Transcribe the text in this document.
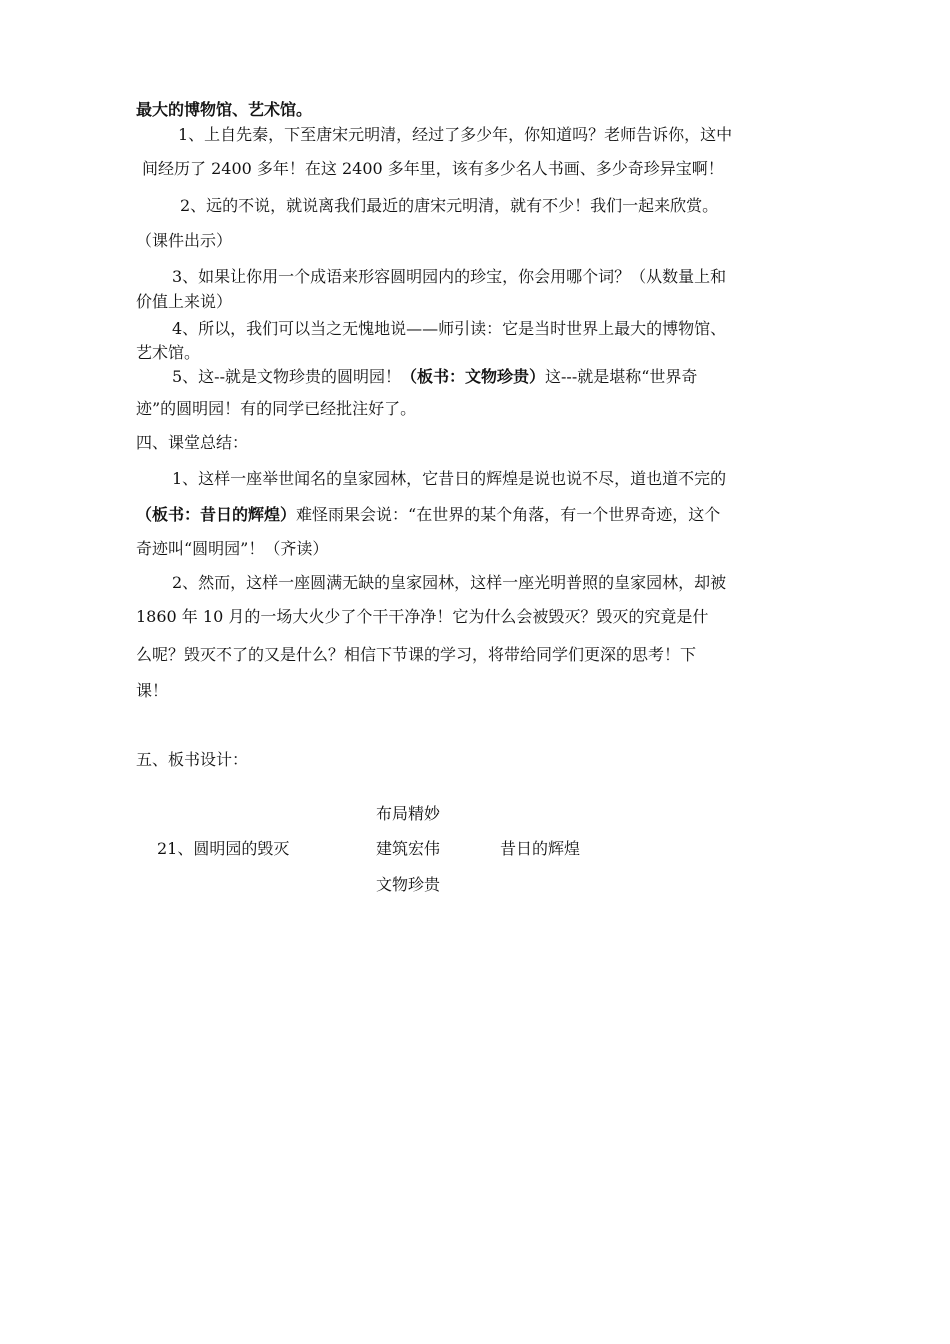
最大的博物馆、艺术馆。
1、上自先秦，下至唐宋元明清，经过了多少年，你知道吗？老师告诉你，这中
间经历了 2400 多年！在这 2400 多年里，该有多少名人书画、多少奇珍异宝啊！
2、远的不说，就说离我们最近的唐宋元明清，就有不少！我们一起来欣赏。
（课件出示）
3、如果让你用一个成语来形容圆明园内的珍宝，你会用哪个词？（从数量上和
价值上来说）
4、所以，我们可以当之无愧地说——师引读：它是当时世界上最大的博物馆、
艺术馆。
5、这--就是文物珍贵的圆明园！（板书：文物珍贵）这---就是堪称“世界奇
迹”的圆明园！有的同学已经批注好了。
四、课堂总结：
1、这样一座举世闻名的皇家园林，它昔日的辉煌是说也说不尽，道也道不完的
（板书：昔日的辉煌）难怪雨果会说：“在世界的某个角落，有一个世界奇迹，这个
奇迹叫“圆明园”！（齐读）
2、然而，这样一座圆满无缺的皇家园林，这样一座光明普照的皇家园林，却被
1860 年 10 月的一场大火少了个干干净净！它为什么会被毁灭？毁灭的究竟是什
么呢？毁灭不了的又是什么？相信下节课的学习，将带给同学们更深的思考！下
课！
五、板书设计：
布局精妙
21、圆明园的毁灭	建筑宏伟	昔日的辉煌
文物珍贵
